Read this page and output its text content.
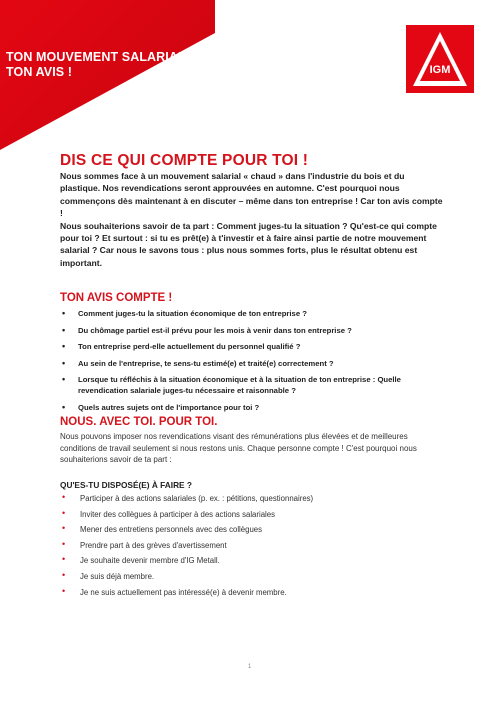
TON MOUVEMENT SALARIAL.
TON AVIS !	IGM
DIS CE QUI COMPTE POUR TOI !

Nous sommes face à un mouvement salarial « chaud » dans l'industrie du bois et du plastique. Nos revendications seront approuvées en automne. C'est pourquoi nous commençons dès maintenant à en discuter – même dans ton entreprise ! Car ton avis compte !

Nous souhaiterions savoir de ta part : Comment juges-tu la situation ? Qu'est-ce qui compte pour toi ? Et surtout : si tu es prêt(e) à t'investir et à faire ainsi partie de notre mouvement salarial ? Car nous le savons tous : plus nous sommes forts, plus le résultat obtenu est important.

TON AVIS COMPTE !
• Comment juges-tu la situation économique de ton entreprise ?
• Du chômage partiel est-il prévu pour les mois à venir dans ton entreprise ?
• Ton entreprise perd-elle actuellement du personnel qualifié ?
• Au sein de l'entreprise, te sens-tu estimé(e) et traité(e) correctement ?
• Lorsque tu réfléchis à la situation économique et à la situation de ton entreprise : Quelle revendication salariale juges-tu nécessaire et raisonnable ?
• Quels autres sujets ont de l'importance pour toi ?
NOUS. AVEC TOI. POUR TOI.
Nous pouvons imposer nos revendications visant des rémunérations plus élevées et de meilleures conditions de travail seulement si nous restons unis. Chaque personne compte ! C'est pourquoi nous souhaiterions savoir de ta part :
QU'ES-TU DISPOSÉ(E) À FAIRE ?
• Participer à des actions salariales (p. ex. : pétitions, questionnaires)
• Inviter des collègues à participer à des actions salariales
• Mener des entretiens personnels avec des collègues
• Prendre part à des grèves d'avertissement
• Je souhaite devenir membre d'IG Metall.
• Je suis déjà membre.
• Je ne suis actuellement pas intéressé(e) à devenir membre.
1
